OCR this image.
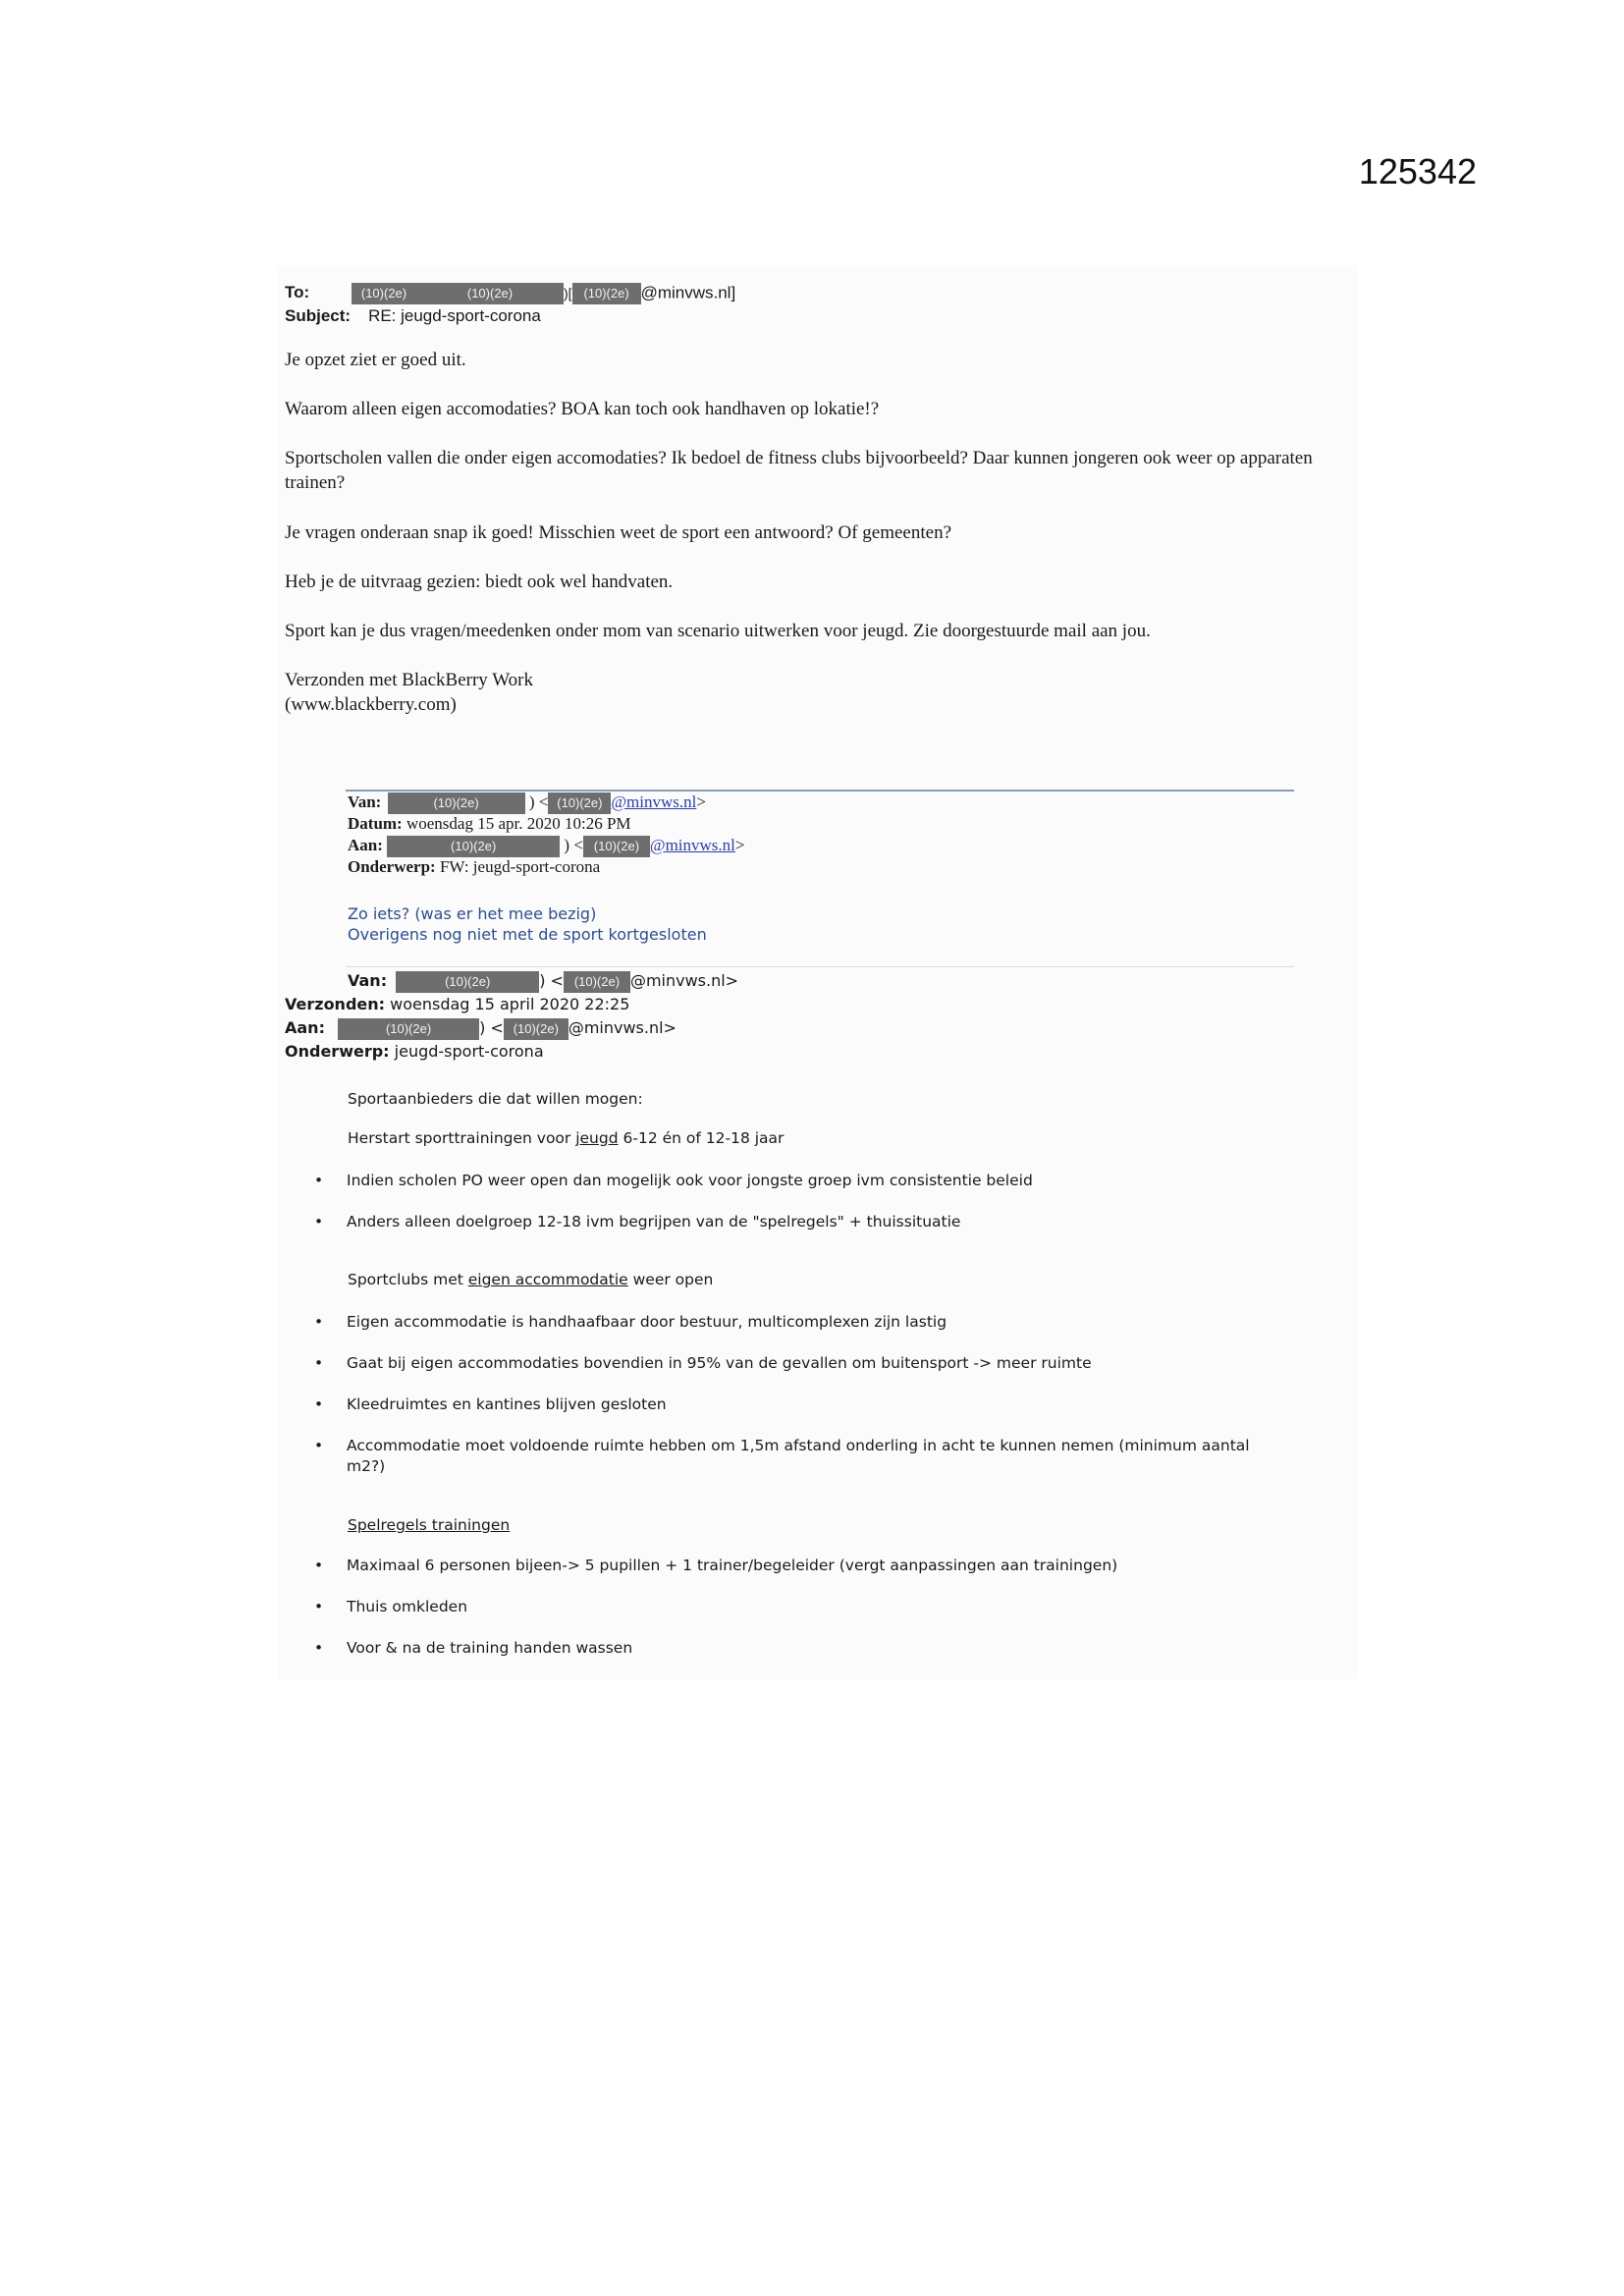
125342
To:	(10)(2e)	(10)(2e)	)[ (10)(2e) @minvws.nl]
Subject: RE: jeugd-sport-corona
Je opzet ziet er goed uit.
Waarom alleen eigen accomodaties? BOA kan toch ook handhaven op lokatie!?
Sportscholen vallen die onder eigen accomodaties? Ik bedoel de fitness clubs bijvoorbeeld? Daar kunnen jongeren ook weer op apparaten trainen?
Je vragen onderaan snap ik goed! Misschien weet de sport een antwoord? Of gemeenten?
Heb je de uitvraag gezien: biedt ook wel handvaten.
Sport kan je dus vragen/meedenken onder mom van scenario uitwerken voor jeugd. Zie doorgestuurde mail aan jou.
Verzonden met BlackBerry Work
(www.blackberry.com)
Van:	(10)(2e)	) < (10)(2e) @minvws.nl>
Datum: woensdag 15 apr. 2020 10:26 PM
Aan:	(10)(2e)	) < (10)(2e) @minvws.nl>
Onderwerp: FW: jeugd-sport-corona
Zo iets? (was er het mee bezig)
Overigens nog niet met de sport kortgesloten
Van:	(10)(2e)	) < (10)(2e) @minvws.nl>
Verzonden: woensdag 15 april 2020 22:25
Aan:	(10)(2e)	) < (10)(2e) @minvws.nl>
Onderwerp: jeugd-sport-corona
Sportaanbieders die dat willen mogen:
Herstart sporttrainingen voor jeugd 6-12 én of 12-18 jaar
• Indien scholen PO weer open dan mogelijk ook voor jongste groep ivm consistentie beleid
• Anders alleen doelgroep 12-18 ivm begrijpen van de "spelregels" + thuissituatie
Sportclubs met eigen accommodatie weer open
• Eigen accommodatie is handhaafbaar door bestuur, multicomplexen zijn lastig
• Gaat bij eigen accommodaties bovendien in 95% van de gevallen om buitensport -> meer ruimte
• Kleedruimtes en kantines blijven gesloten
• Accommodatie moet voldoende ruimte hebben om 1,5m afstand onderling in acht te kunnen nemen (minimum aantal m2?)
Spelregels trainingen
• Maximaal 6 personen bijeen-> 5 pupillen + 1 trainer/begeleider (vergt aanpassingen aan trainingen)
• Thuis omkleden
• Voor & na de training handen wassen
